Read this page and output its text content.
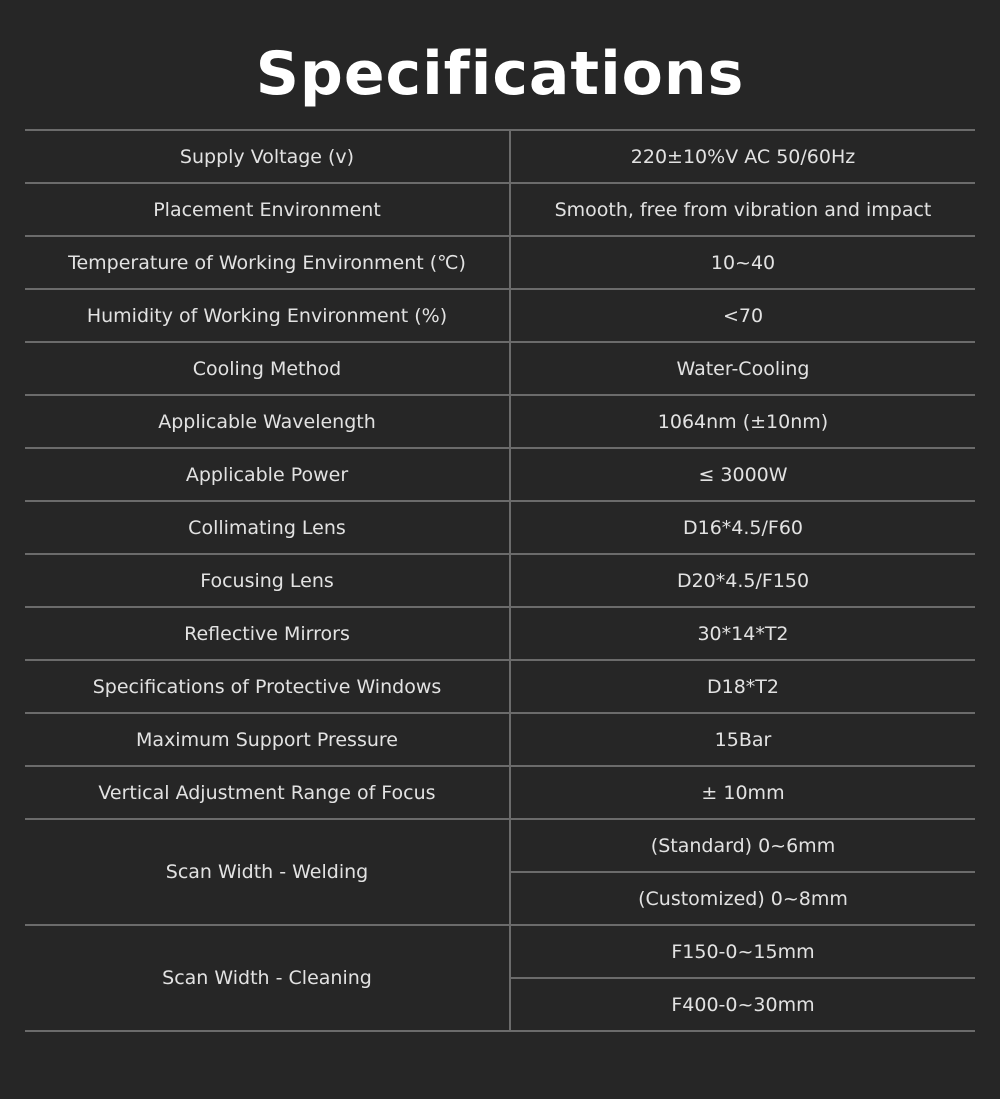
Specifications
Supply Voltage (v)	220±10%V AC 50/60Hz
Placement Environment	Smooth, free from vibration and impact
Temperature of Working Environment (℃)	10~40
Humidity of Working Environment (%)	<70
Cooling Method	Water-Cooling
Applicable Wavelength	1064nm (±10nm)
Applicable Power	≤ 3000W
Collimating Lens	D16*4.5/F60
Focusing Lens	D20*4.5/F150
Reflective Mirrors	30*14*T2
Specifications of Protective Windows	D18*T2
Maximum Support Pressure	15Bar
Vertical Adjustment Range of Focus	± 10mm
Scan Width - Welding	(Standard) 0~6mm
	(Customized) 0~8mm
Scan Width - Cleaning	F150-0~15mm
	F400-0~30mm
